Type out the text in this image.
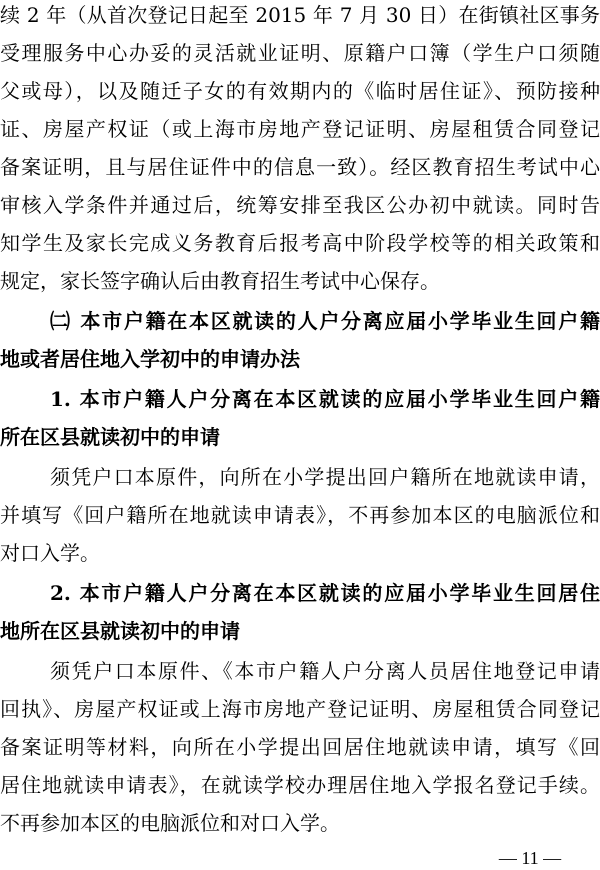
续 2 年（从首次登记日起至 2015 年 7 月 30 日）在街镇社区事务
受理服务中心办妥的灵活就业证明、原籍户口簿（学生户口须随
父或母），以及随迁子女的有效期内的《临时居住证》、预防接种
证、房屋产权证（或上海市房地产登记证明、房屋租赁合同登记
备案证明，且与居住证件中的信息一致）。经区教育招生考试中心
审核入学条件并通过后，统筹安排至我区公办初中就读。同时告
知学生及家长完成义务教育后报考高中阶段学校等的相关政策和
规定，家长签字确认后由教育招生考试中心保存。
㈡ 本市户籍在本区就读的人户分离应届小学毕业生回户籍
地或者居住地入学初中的申请办法
1. 本市户籍人户分离在本区就读的应届小学毕业生回户籍
所在区县就读初中的申请
须凭户口本原件，向所在小学提出回户籍所在地就读申请，
并填写《回户籍所在地就读申请表》，不再参加本区的电脑派位和
对口入学。
2. 本市户籍人户分离在本区就读的应届小学毕业生回居住
地所在区县就读初中的申请
须凭户口本原件、《本市户籍人户分离人员居住地登记申请
回执》、房屋产权证或上海市房地产登记证明、房屋租赁合同登记
备案证明等材料，向所在小学提出回居住地就读申请，填写《回
居住地就读申请表》，在就读学校办理居住地入学报名登记手续。
不再参加本区的电脑派位和对口入学。
— 11 —
